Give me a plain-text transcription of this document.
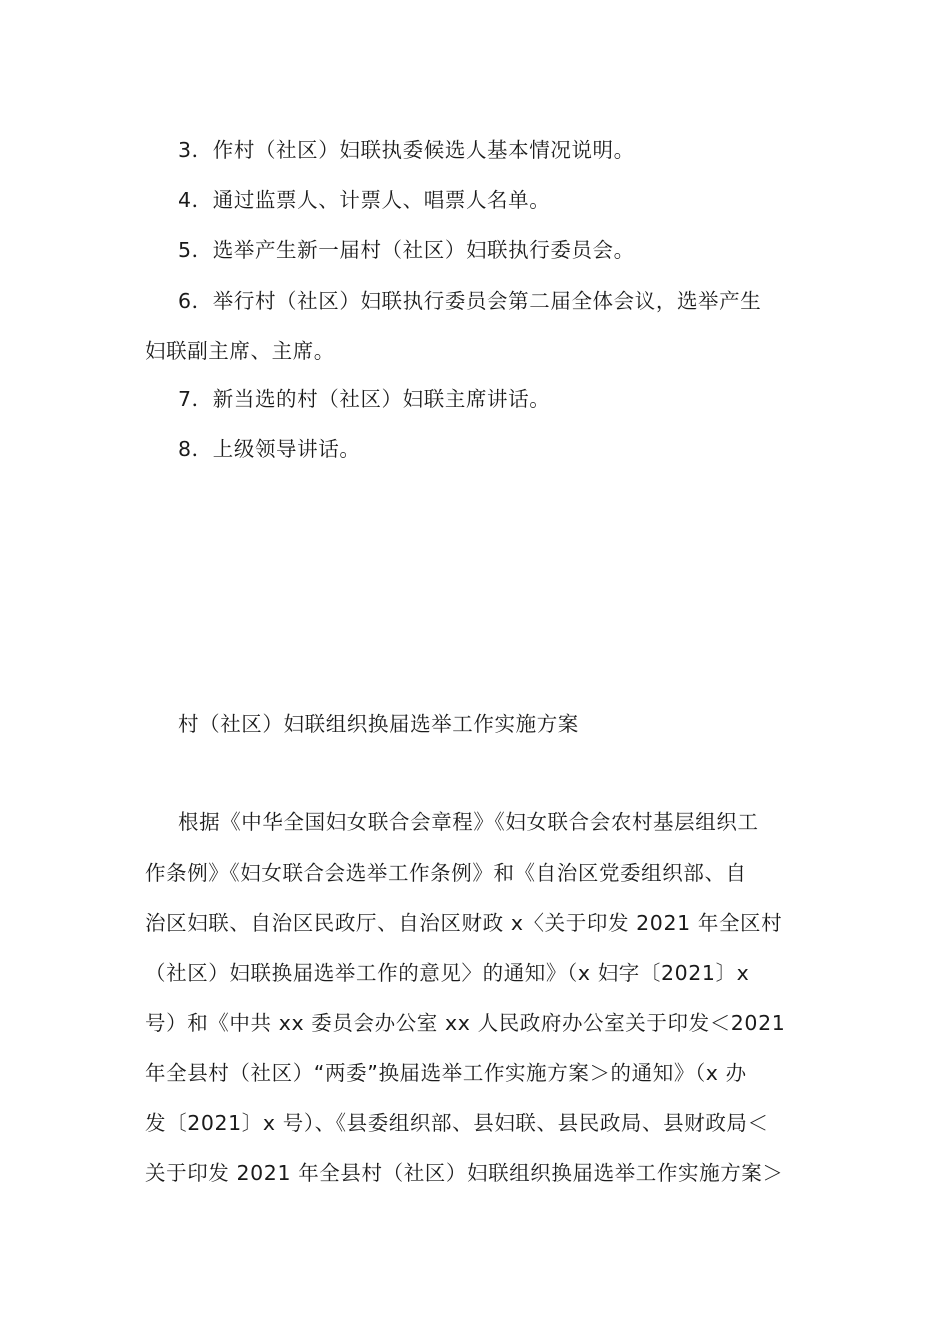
3．作村（社区）妇联执委候选人基本情况说明。

4．通过监票人、计票人、唱票人名单。

5．选举产生新一届村（社区）妇联执行委员会。

6．举行村（社区）妇联执行委员会第二届全体会议，选举产生

妇联副主席、主席。

7．新当选的村（社区）妇联主席讲话。

8．上级领导讲话。

村（社区）妇联组织换届选举工作实施方案

根据《中华全国妇女联合会章程》《妇女联合会农村基层组织工

作条例》《妇女联合会选举工作条例》和《自治区党委组织部、自

治区妇联、自治区民政厅、自治区财政 x〈关于印发 2021 年全区村

（社区）妇联换届选举工作的意见〉的通知》（x 妇字〔2021〕x

号）和《中共 xx 委员会办公室 xx 人民政府办公室关于印发＜2021

年全县村（社区）“两委”换届选举工作实施方案＞的通知》（x 办

发〔2021〕x 号）、《县委组织部、县妇联、县民政局、县财政局＜

关于印发 2021 年全县村（社区）妇联组织换届选举工作实施方案＞
